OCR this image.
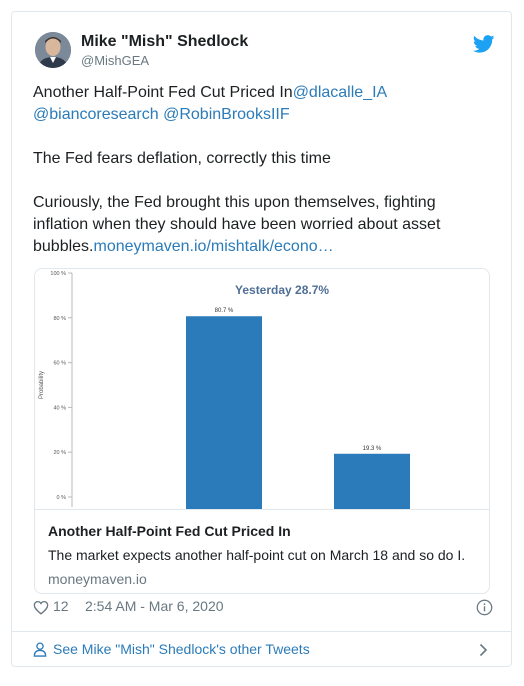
Mike "Mish" Shedlock
@MishGEA
Another Half-Point Fed Cut Priced In@dlacalle_IA
@biancoresearch @RobinBrooksIIF
The Fed fears deflation, correctly this time
Curiously, the Fed brought this upon themselves, fighting
inflation when they should have been worried about asset
bubbles.moneymaven.io/mishtalk/econo…
0 %
20 %
40 %
60 %
80 %
100 %
Probability
80.7 %
19.3 %
Yesterday 28.7%
Another Half-Point Fed Cut Priced In
The market expects another half-point cut on March 18 and so do I.
moneymaven.io
12 2:54 AM - Mar 6, 2020
See Mike "Mish" Shedlock's other Tweets
